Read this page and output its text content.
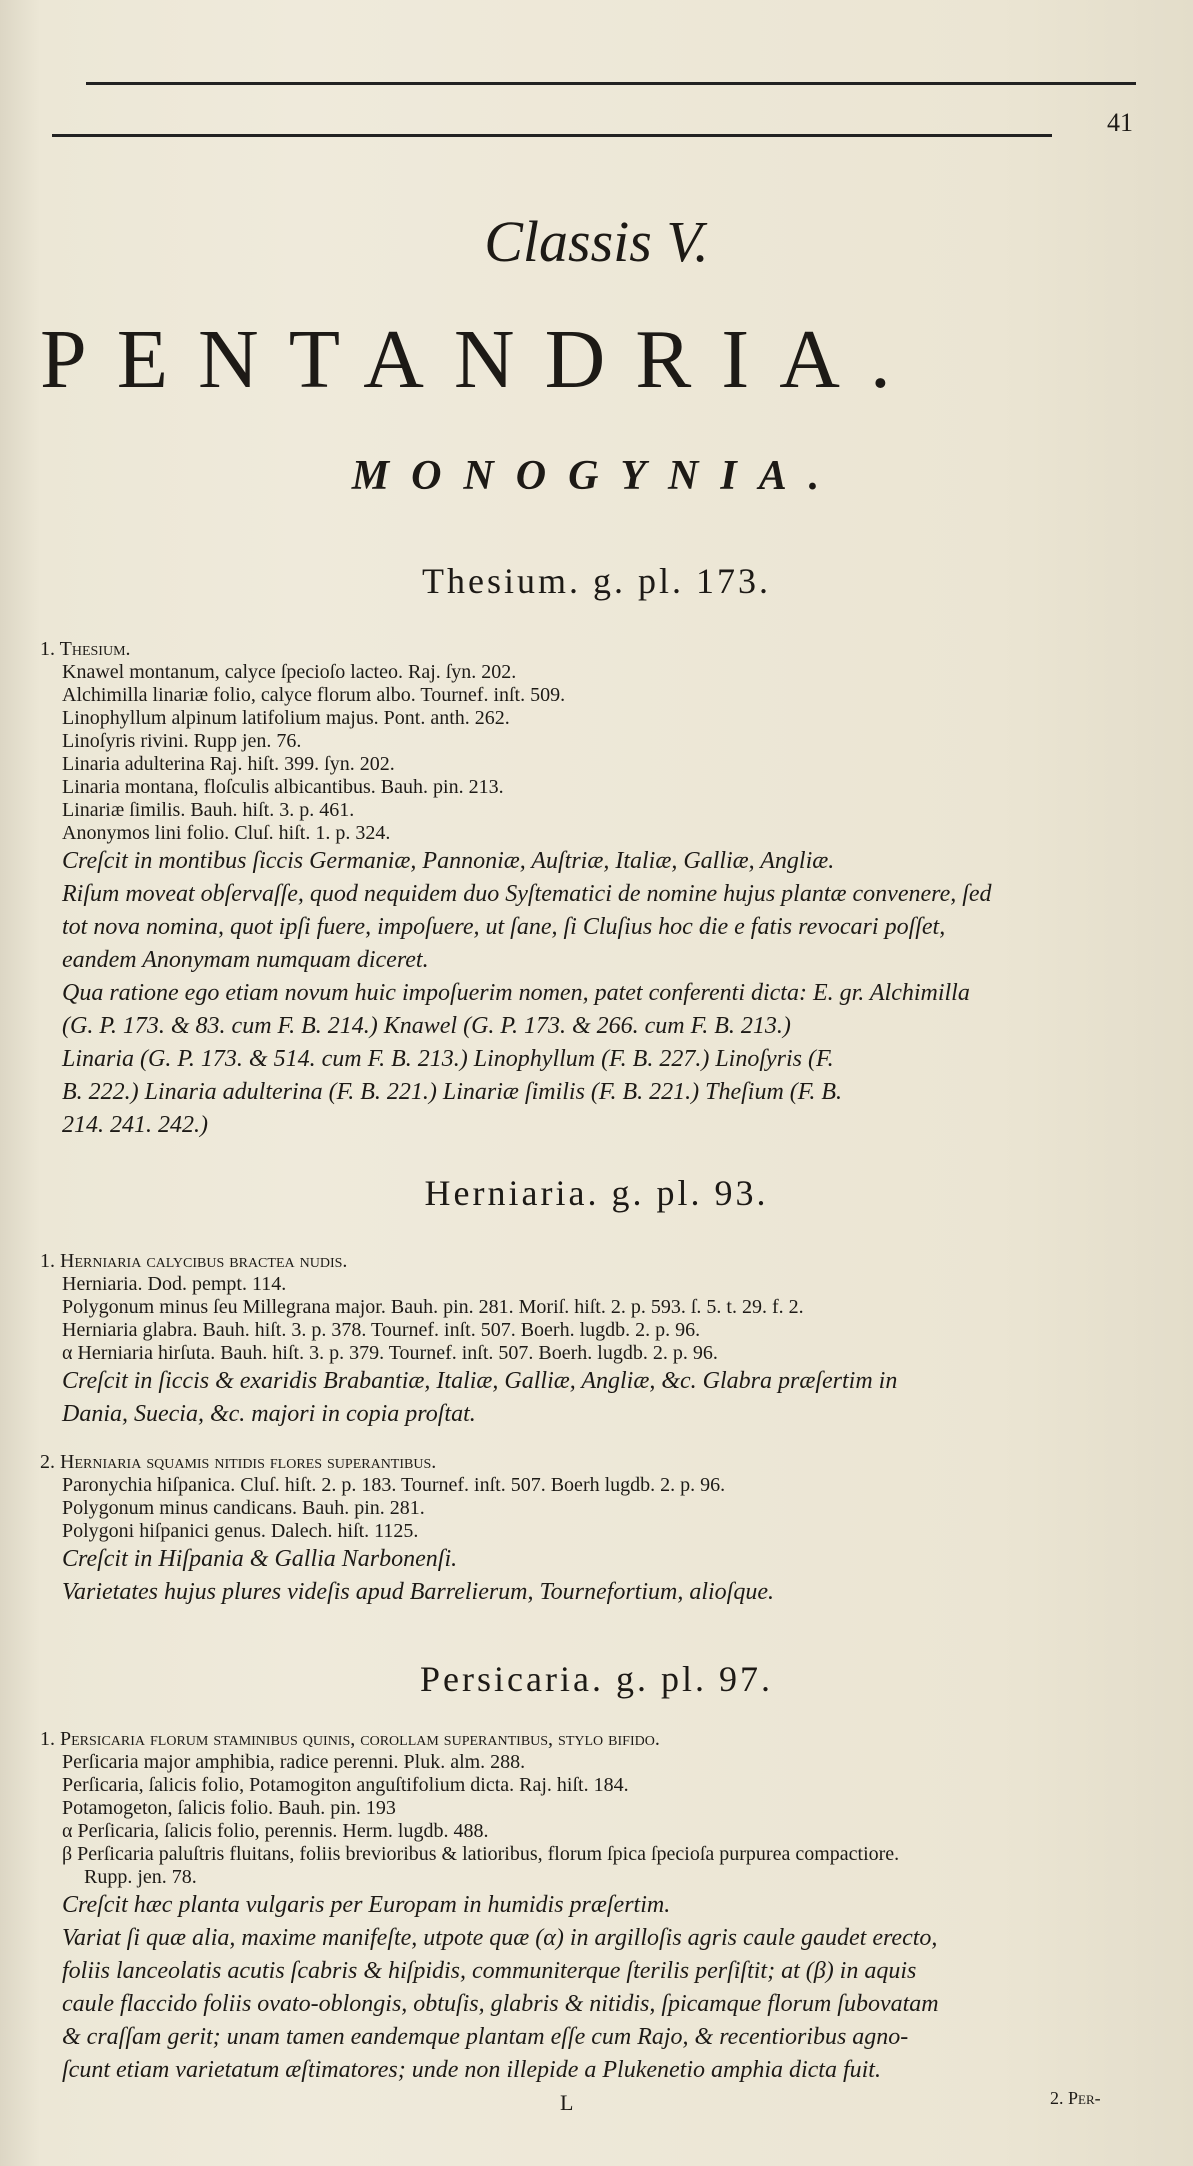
41
Classis V.
PENTANDRIA.
MONOGYNIA.
Thesium. g. pl. 173.
1. Thesium.
Knawel montanum, calyce ſpecioſo lacteo. Raj. ſyn. 202.
Alchimilla linariæ folio, calyce florum albo. Tournef. inſt. 509.
Linophyllum alpinum latifolium majus. Pont. anth. 262.
Linoſyris rivini. Rupp jen. 76.
Linaria adulterina Raj. hiſt. 399. ſyn. 202.
Linaria montana, floſculis albicantibus. Bauh. pin. 213.
Linariæ ſimilis. Bauh. hiſt. 3. p. 461.
Anonymos lini folio. Cluſ. hiſt. 1. p. 324.
Creſcit in montibus ſiccis Germaniæ, Pannoniæ, Auſtriæ, Italiæ, Galliæ, Angliæ.
Riſum moveat obſervaſſe, quod nequidem duo Syſtematici de nomine hujus plantæ convenere, ſed
tot nova nomina, quot ipſi fuere, impoſuere, ut ſane, ſi Cluſius hoc die e fatis revocari poſſet,
eandem Anonymam numquam diceret.
Qua ratione ego etiam novum huic impoſuerim nomen, patet conferenti dicta: E. gr. Alchimilla
(G. P. 173. & 83. cum F. B. 214.) Knawel (G. P. 173. & 266. cum F. B. 213.)
Linaria (G. P. 173. & 514. cum F. B. 213.) Linophyllum (F. B. 227.) Linoſyris (F.
B. 222.) Linaria adulterina (F. B. 221.) Linariæ ſimilis (F. B. 221.) Theſium (F. B.
214. 241. 242.)
Herniaria. g. pl. 93.
1. Herniaria calycibus bractea nudis.
Herniaria. Dod. pempt. 114.
Polygonum minus ſeu Millegrana major. Bauh. pin. 281. Moriſ. hiſt. 2. p. 593. ſ. 5. t. 29. f. 2.
Herniaria glabra. Bauh. hiſt. 3. p. 378. Tournef. inſt. 507. Boerh. lugdb. 2. p. 96.
α Herniaria hirſuta. Bauh. hiſt. 3. p. 379. Tournef. inſt. 507. Boerh. lugdb. 2. p. 96.
Creſcit in ſiccis & exaridis Brabantiæ, Italiæ, Galliæ, Angliæ, &c. Glabra præſertim in
Dania, Suecia, &c. majori in copia proſtat.
2. Herniaria ſquamis nitidis flores ſuperantibus.
Paronychia hiſpanica. Cluſ. hiſt. 2. p. 183. Tournef. inſt. 507. Boerh lugdb. 2. p. 96.
Polygonum minus candicans. Bauh. pin. 281.
Polygoni hiſpanici genus. Dalech. hiſt. 1125.
Creſcit in Hiſpania & Gallia Narbonenſi.
Varietates hujus plures videſis apud Barrelierum, Tournefortium, alioſque.
Persicaria. g. pl. 97.
1. Persicaria florum ſtaminibus quinis, corollam ſuperantibus, ſtylo bifido.
Perſicaria major amphibia, radice perenni. Pluk. alm. 288.
Perſicaria, ſalicis folio, Potamogiton anguſtifolium dicta. Raj. hiſt. 184.
Potamogeton, ſalicis folio. Bauh. pin. 193
α Perſicaria, ſalicis folio, perennis. Herm. lugdb. 488.
β Perſicaria paluſtris fluitans, foliis brevioribus & latioribus, florum ſpica ſpecioſa purpurea compactiore.
Rupp. jen. 78.
Creſcit hæc planta vulgaris per Europam in humidis præſertim.
Variat ſi quæ alia, maxime manifeſte, utpote quæ (α) in argilloſis agris caule gaudet erecto,
foliis lanceolatis acutis ſcabris & hiſpidis, communiterque ſterilis perſiſtit; at (β) in aquis
caule flaccido foliis ovato-oblongis, obtuſis, glabris & nitidis, ſpicamque florum ſubovatam
& craſſam gerit; unam tamen eandemque plantam eſſe cum Rajo, & recentioribus agno-
ſcunt etiam varietatum æſtimatores; unde non illepide a Plukenetio amphia dicta fuit.
L	2. Per-
